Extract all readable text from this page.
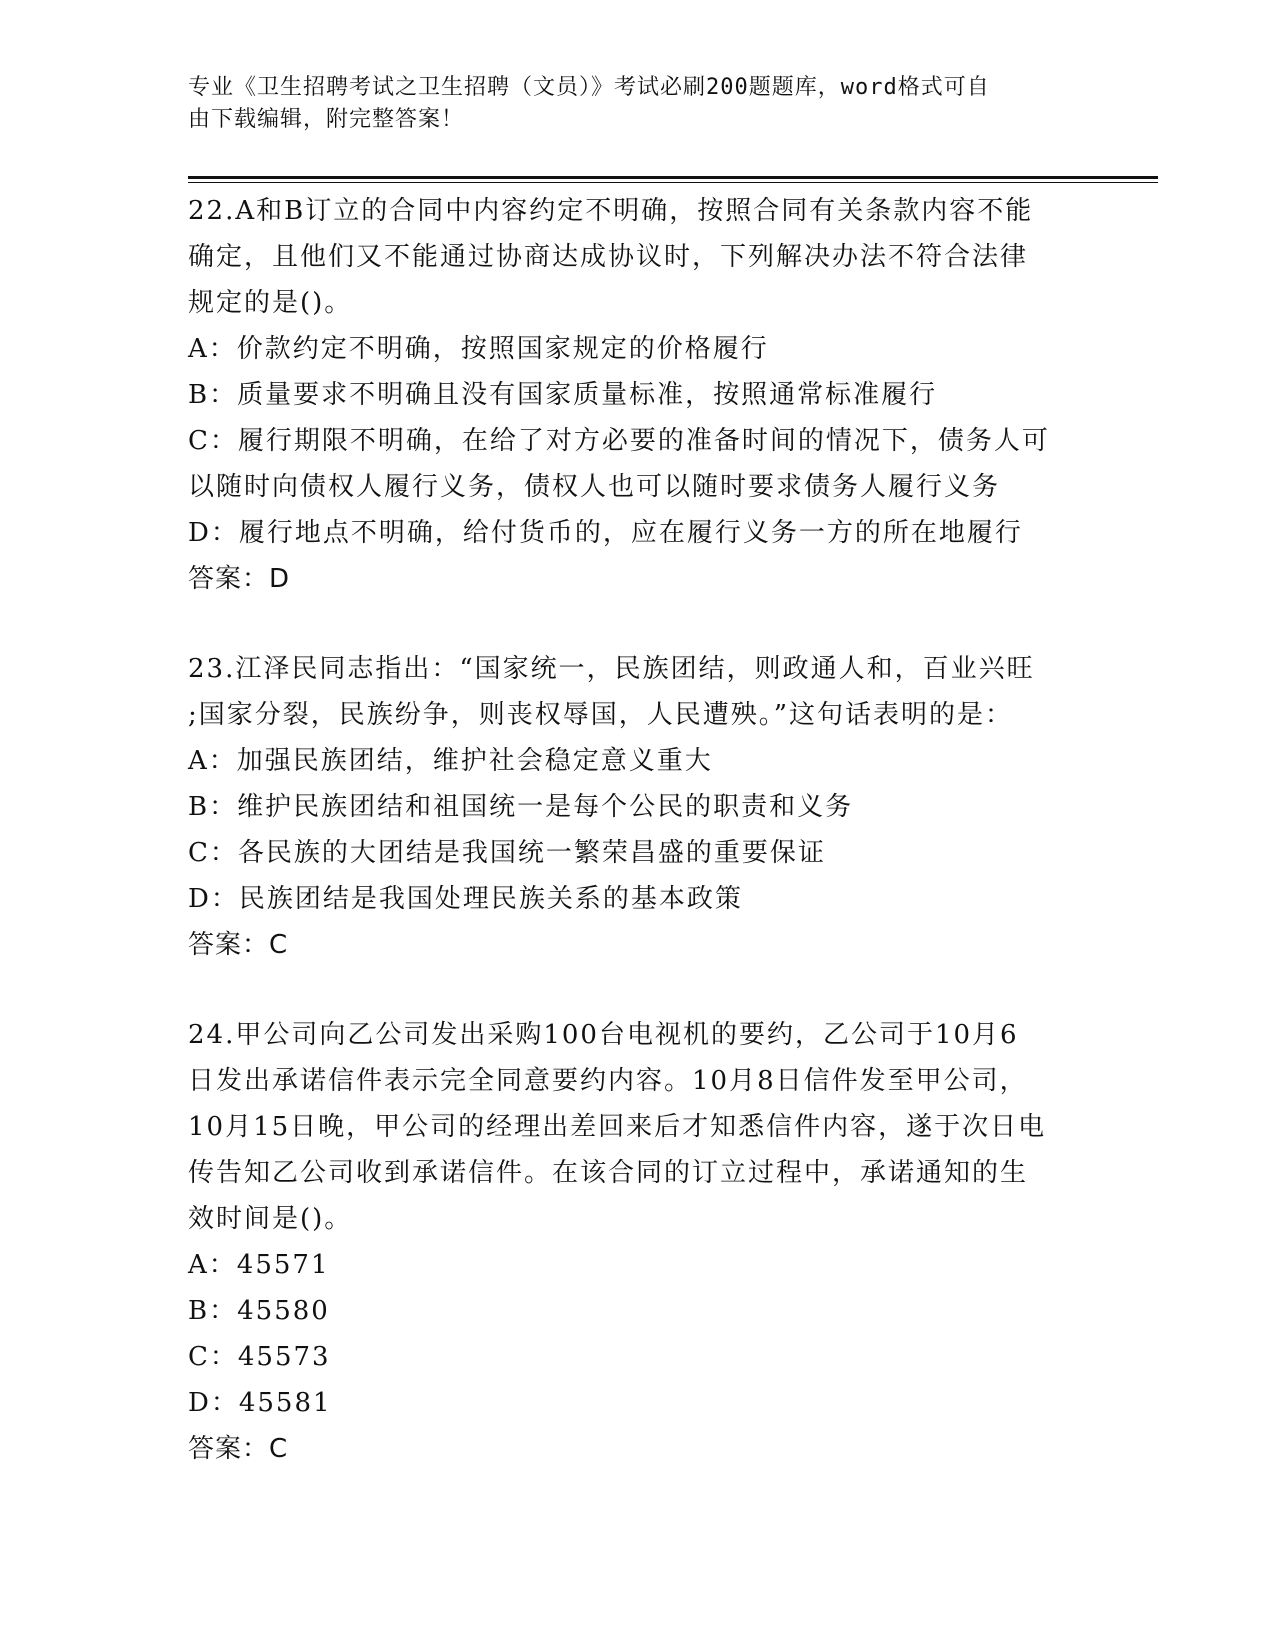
专业《卫生招聘考试之卫生招聘（文员）》考试必刷200题题库，word格式可自
由下载编辑，附完整答案！
22.A和B订立的合同中内容约定不明确，按照合同有关条款内容不能
确定，且他们又不能通过协商达成协议时，下列解决办法不符合法律
规定的是()。
A：价款约定不明确，按照国家规定的价格履行
B：质量要求不明确且没有国家质量标准，按照通常标准履行
C：履行期限不明确，在给了对方必要的准备时间的情况下，债务人可
以随时向债权人履行义务，债权人也可以随时要求债务人履行义务
D：履行地点不明确，给付货币的，应在履行义务一方的所在地履行
答案：D
23.江泽民同志指出：“国家统一，民族团结，则政通人和，百业兴旺
;国家分裂，民族纷争，则丧权辱国，人民遭殃。”这句话表明的是：
A：加强民族团结，维护社会稳定意义重大
B：维护民族团结和祖国统一是每个公民的职责和义务
C：各民族的大团结是我国统一繁荣昌盛的重要保证
D：民族团结是我国处理民族关系的基本政策
答案：C
24.甲公司向乙公司发出采购100台电视机的要约，乙公司于10月6
日发出承诺信件表示完全同意要约内容。10月8日信件发至甲公司，
10月15日晚，甲公司的经理出差回来后才知悉信件内容，遂于次日电
传告知乙公司收到承诺信件。在该合同的订立过程中，承诺通知的生
效时间是()。
A：45571
B：45580
C：45573
D：45581
答案：C
